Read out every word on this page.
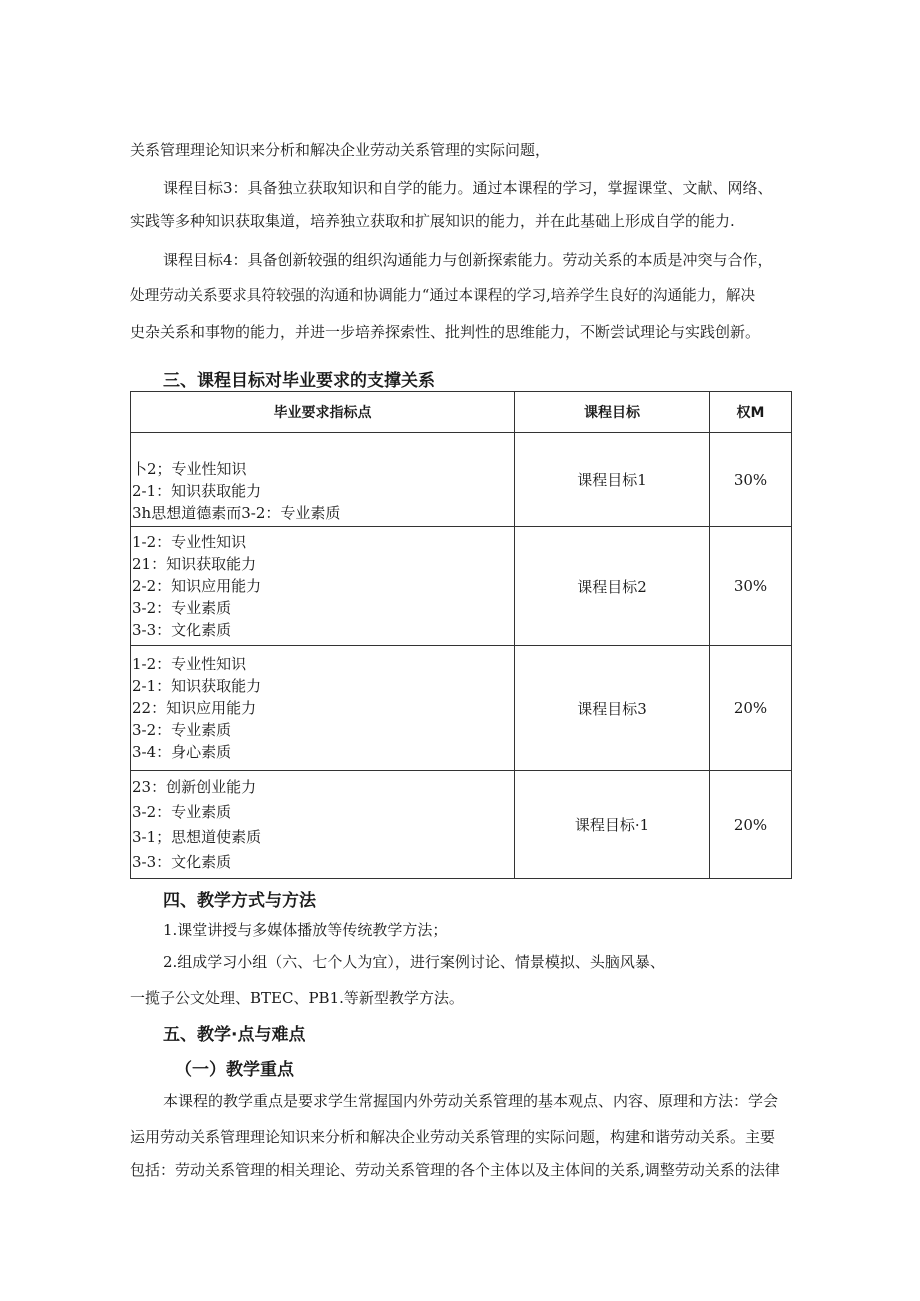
关系管理理论知识来分析和解决企业劳动关系管理的实际问题，
课程目标3：具备独立获取知识和自学的能力。通过本课程的学习，掌握课堂、文献、网络、
实践等多种知识获取集道，培养独立获取和扩展知识的能力，并在此基础上形成自学的能力.
课程目标4：具备创新较强的组织沟通能力与创新探索能力。劳动关系的本质是冲突与合作，
处理劳动关系要求具符较强的沟通和协调能力“通过本课程的学习,培养学生良好的沟通能力，解决
史杂关系和事物的能力，并进一步培养探索性、批判性的思维能力，不断尝试理论与实践创新。
三、课程目标对毕业要求的支撑关系
毕业要求指标点	课程目标	权M

卜2；专业性知识
2-1：知识获取能力
3h思想道德素而3-2：专业素质	课程目标1	30%

1-2：专业性知识
21：知识获取能力
2-2：知识应用能力
3-2：专业素质
3-3：文化素质	课程目标2	30%

1-2：专业性知识
2-1：知识获取能力
22：知识应用能力
3-2：专业素质
3-4：身心素质	课程目标3	20%

23：创新创业能力
3-2：专业素质
3-1；思想道使素质
3-3：文化素质	课程目标·1	20%
四、教学方式与方法
1.课堂讲授与多媒体播放等传统教学方法；
2.组成学习小组（六、七个人为宜），进行案例讨论、情景模拟、头脑风暴、
一揽子公文处理、BTEC、PB1.等新型教学方法。
五、教学·点与难点
（一）教学重点
本课程的教学重点是要求学生常握国内外劳动关系管理的基本观点、内容、原理和方法：学会
运用劳动关系管理理论知识来分析和解决企业劳动关系管理的实际问题，构建和谐劳动关系。主要
包括：劳动关系管理的相关理论、劳动关系管理的各个主体以及主体间的关系,调整劳动关系的法律
